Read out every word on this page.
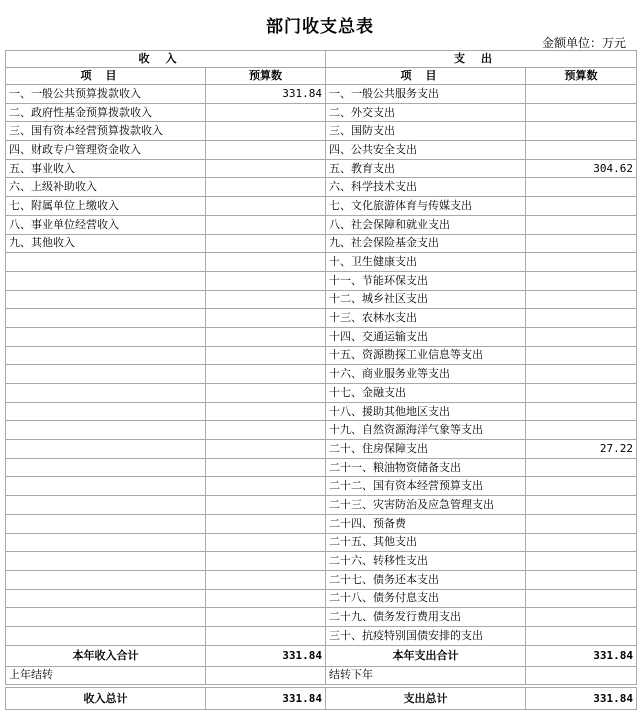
部门收支总表
金额单位：万元
收入		支出	
项目	预算数	项目	预算数
一、一般公共预算拨款收入	331.84	一、一般公共服务支出	
二、政府性基金预算拨款收入		二、外交支出	
三、国有资本经营预算拨款收入		三、国防支出	
四、财政专户管理资金收入		四、公共安全支出	
五、事业收入		五、教育支出	304.62
六、上级补助收入		六、科学技术支出	
七、附属单位上缴收入		七、文化旅游体育与传媒支出	
八、事业单位经营收入		八、社会保障和就业支出	
九、其他收入		九、社会保险基金支出	
		十、卫生健康支出	
		十一、节能环保支出	
		十二、城乡社区支出	
		十三、农林水支出	
		十四、交通运输支出	
		十五、资源勘探工业信息等支出	
		十六、商业服务业等支出	
		十七、金融支出	
		十八、援助其他地区支出	
		十九、自然资源海洋气象等支出	
		二十、住房保障支出	27.22
		二十一、粮油物资储备支出	
		二十二、国有资本经营预算支出	
		二十三、灾害防治及应急管理支出	
		二十四、预备费	
		二十五、其他支出	
		二十六、转移性支出	
		二十七、债务还本支出	
		二十八、债务付息支出	
		二十九、债务发行费用支出	
		三十、抗疫特别国债安排的支出	
本年收入合计	331.84	本年支出合计	331.84
上年结转		结转下年	

收入总计	331.84	支出总计	331.84
